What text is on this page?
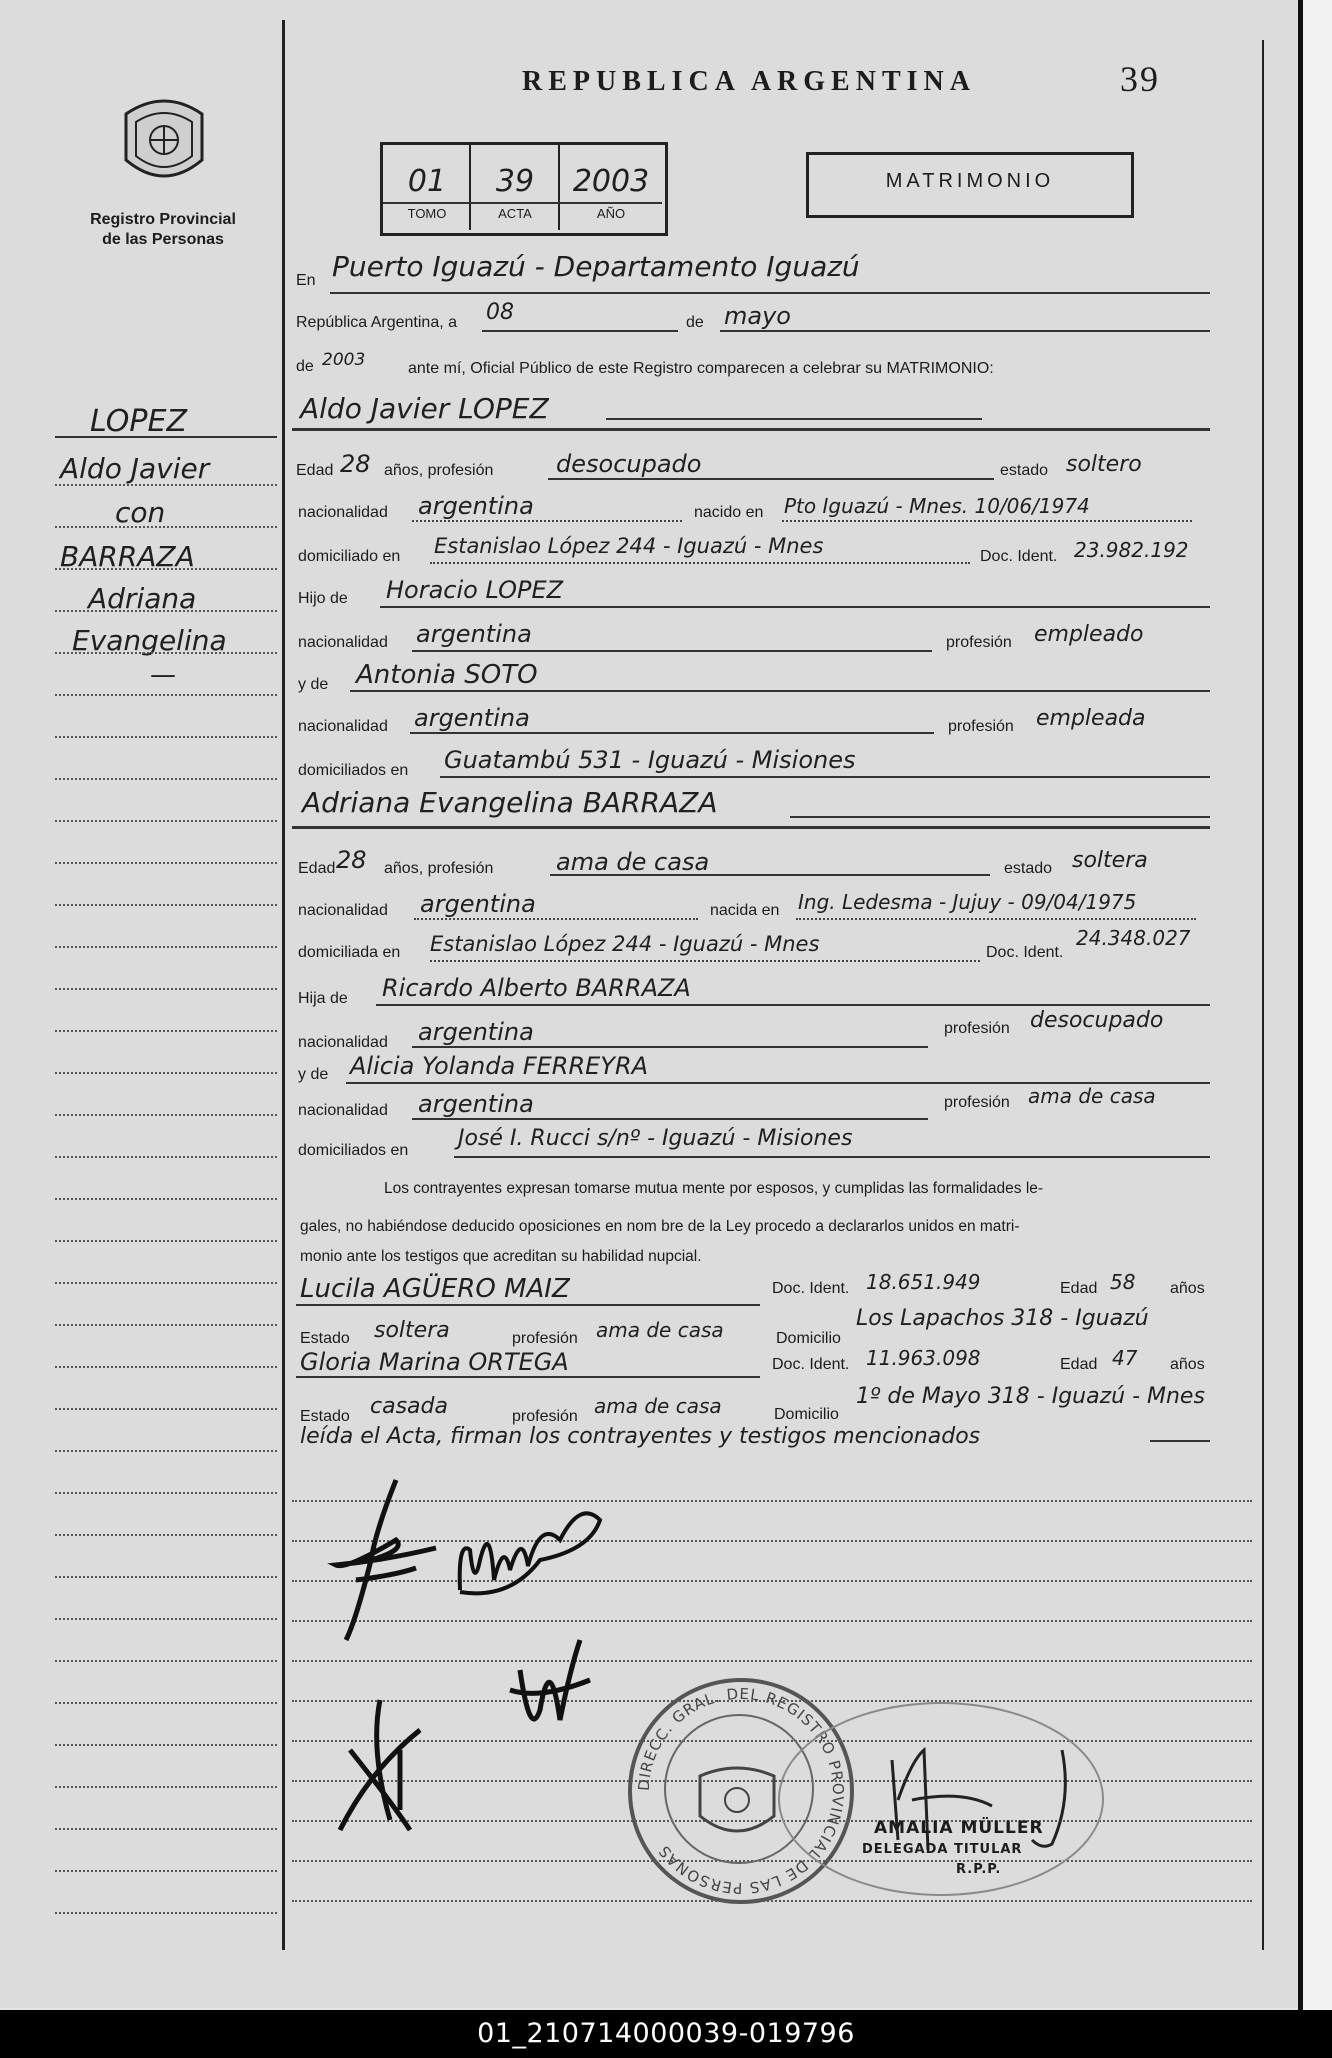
Registro Provincial
de las Personas
REPUBLICA ARGENTINA	39
01	39	2003
TOMO	ACTA	AÑO
MATRIMONIO
LOPEZ
Aldo Javier
con
BARRAZA
Adriana
Evangelina
—
En Puerto Iguazú - Departamento Iguazú
República Argentina, a 08	de mayo
de 2003	ante mí, Oficial Público de este Registro comparecen a celebrar su MATRIMONIO:
Aldo Javier LOPEZ
Edad 28 años, profesión	desocupado	estado soltero
nacionalidad argentina	nacido en Pto Iguazú - Mnes. 10/06/1974
domiciliado en Estanislao López 244 - Iguazú - Mnes	Doc. Ident. 23.982.192
Hijo de Horacio LOPEZ
nacionalidad argentina	profesión empleado
y de Antonia SOTO
nacionalidad argentina	profesión empleada
domiciliados en Guatambú 531 - Iguazú - Misiones
Adriana Evangelina BARRAZA
Edad 28 años, profesión	ama de casa	estado soltera
nacionalidad argentina	nacida en Ing. Ledesma - Jujuy - 09/04/1975
domiciliada en Estanislao López 244 - Iguazú - Mnes	Doc. Ident.
24.348.027
Hija de Ricardo Alberto BARRAZA
nacionalidad argentina	profesión desocupado
y de Alicia Yolanda FERREYRA
nacionalidad argentina	profesión ama de casa
domiciliados en José I. Rucci s/nº - Iguazú - Misiones
Los contrayentes expresan tomarse mutua mente por esposos, y cumplidas las formalidades le-
gales, no habiéndose deducido oposiciones en nom bre de la Ley procedo a declararlos unidos en matri-
monio ante los testigos que acreditan su habilidad nupcial.
Lucila AGÜERO MAIZ	Doc. Ident. 18.651.949	Edad 58 años
Estado soltera	profesión ama de casa	Domicilio
Los Lapachos 318 - Iguazú
Gloria Marina ORTEGA	Doc. Ident. 11.963.098	Edad 47 años
Estado casada	profesión ama de casa	Domicilio
1º de Mayo 318 - Iguazú - Mnes
leída el Acta, firman los contrayentes y testigos mencionados
DIRECC. GRAL. DEL REGISTRO PROVINCIAL DE LAS PERSONAS
AMALIA MÜLLER
DELEGADA TITULAR
R.P.P.
01_210714000039-019796
